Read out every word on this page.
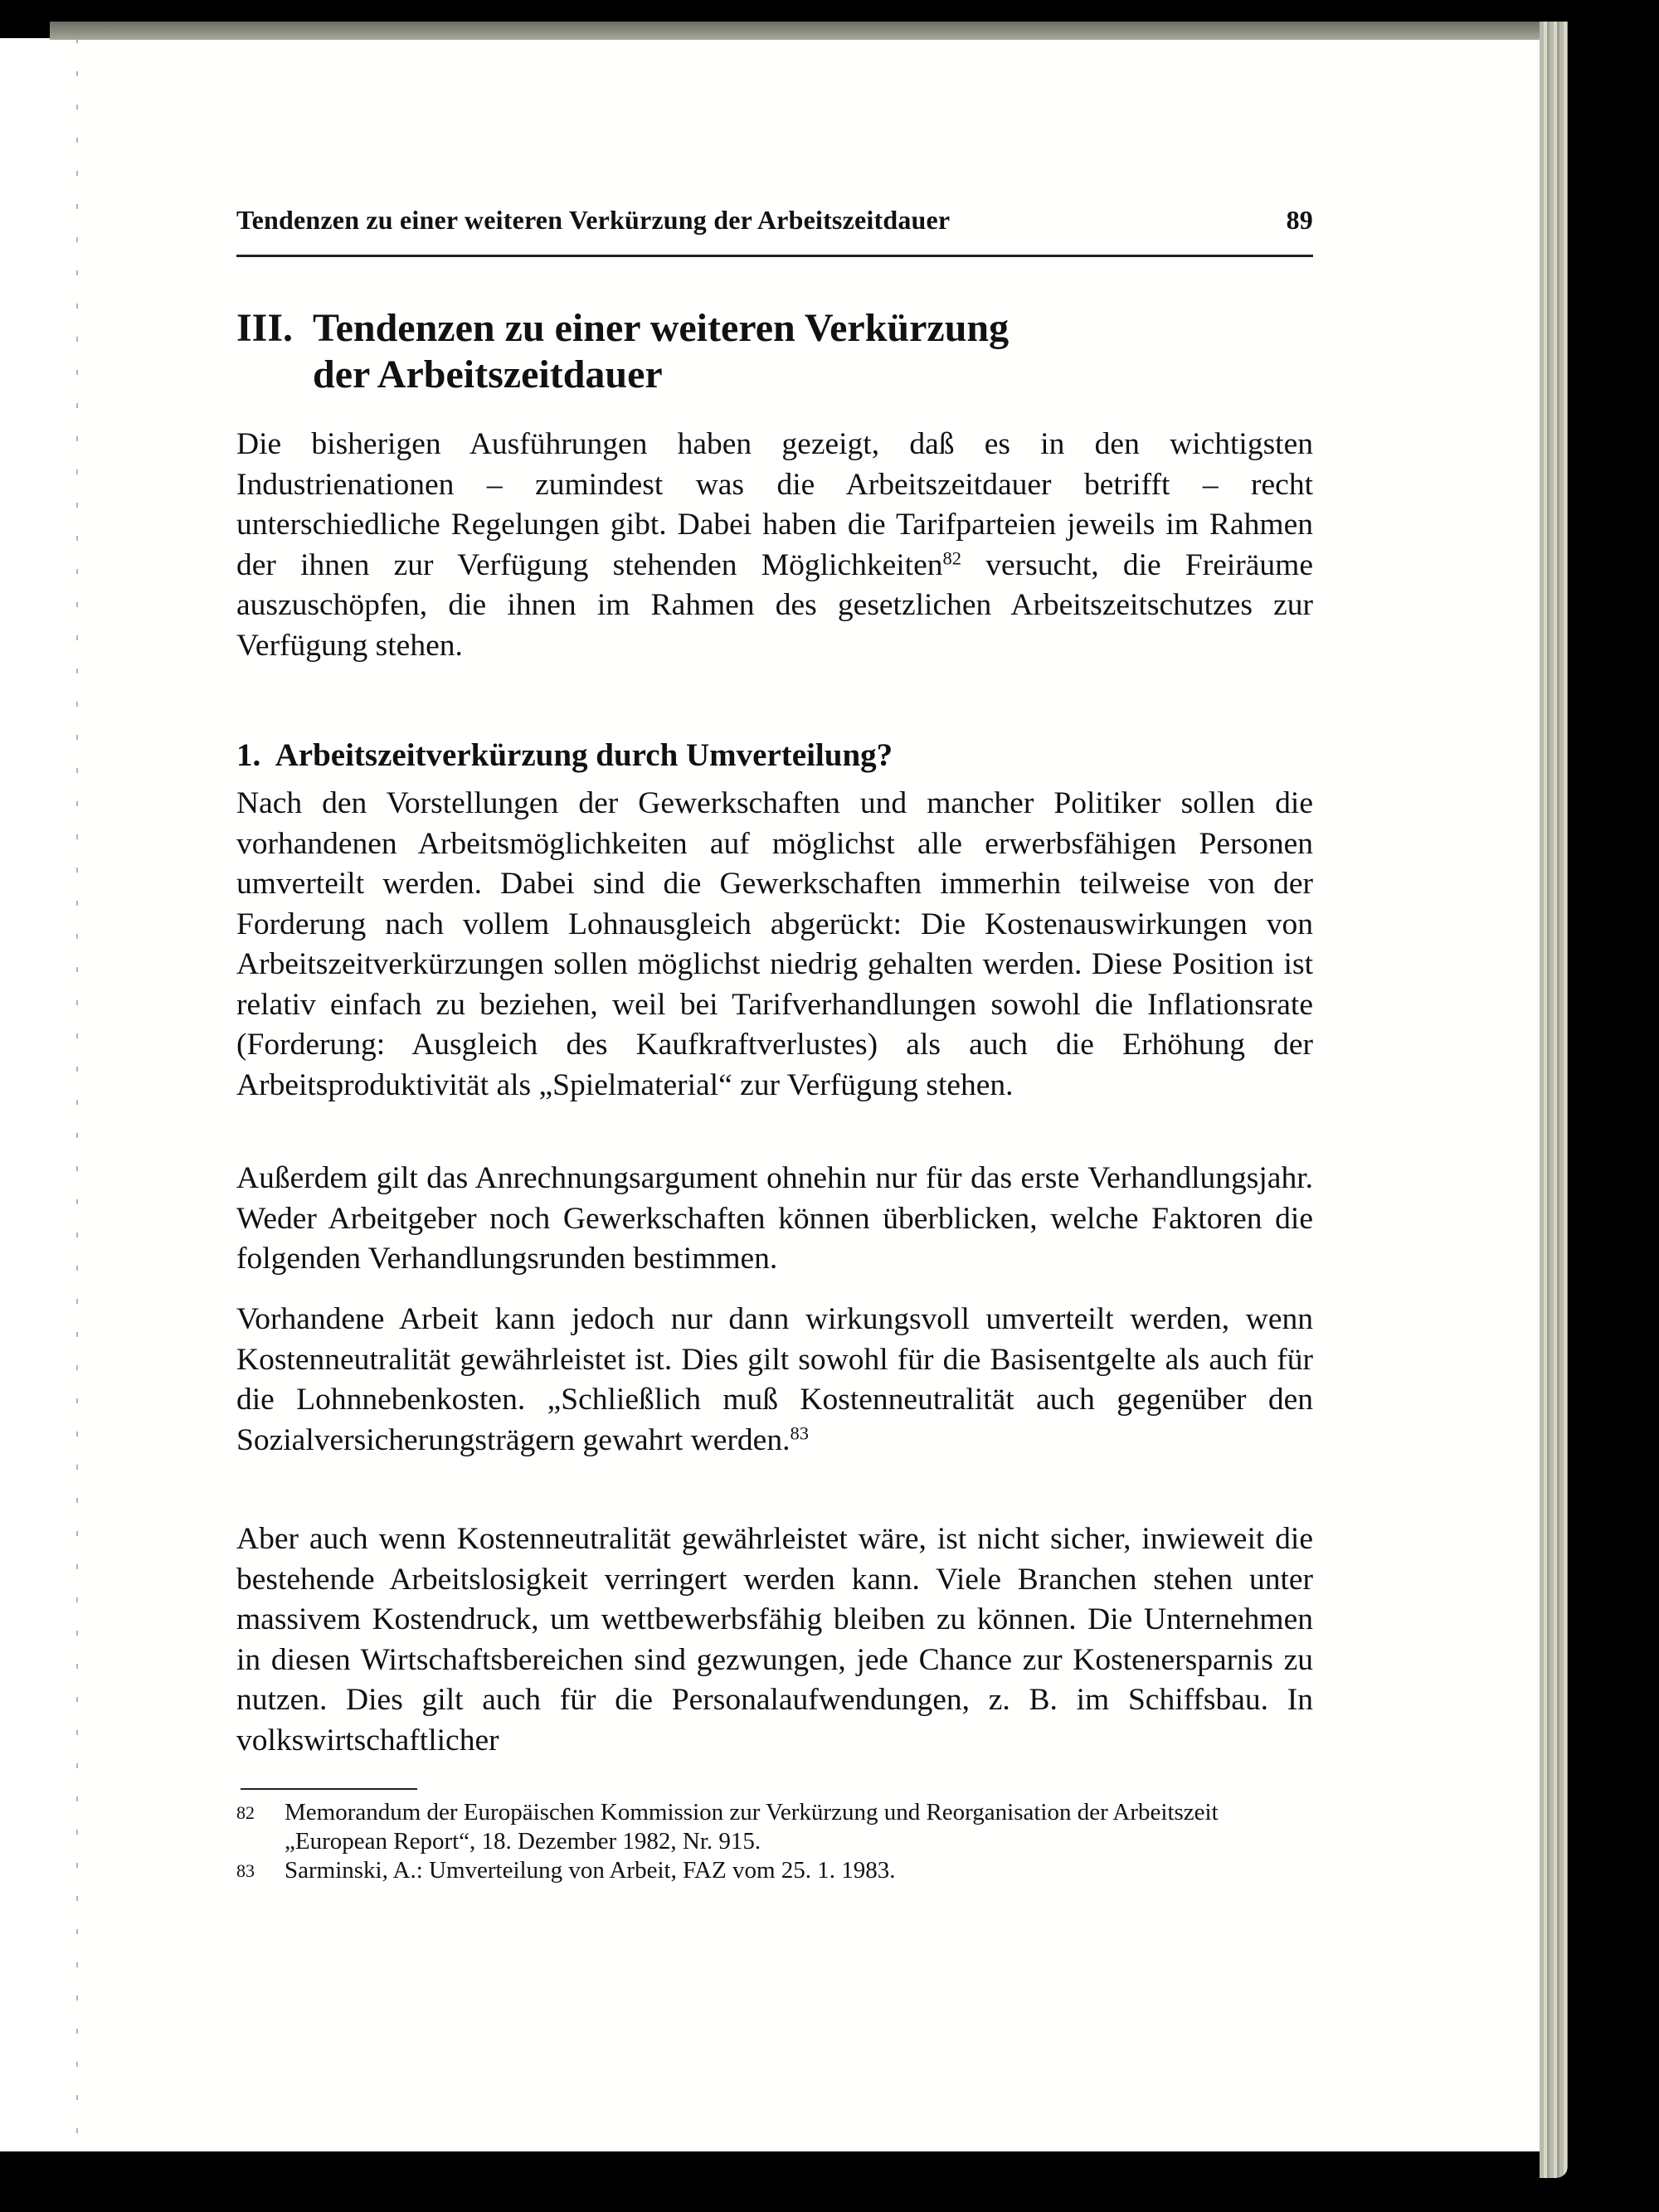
Tendenzen zu einer weiteren Verkürzung der Arbeitszeitdauer	89
III. Tendenzen zu einer weiteren Verkürzung
der Arbeitszeitdauer

Die bisherigen Ausführungen haben gezeigt, daß es in den wichtigsten Industrienationen – zumindest was die Arbeitszeitdauer betrifft – recht unterschiedliche Regelungen gibt. Dabei haben die Tarifparteien jeweils im Rahmen der ihnen zur Verfügung stehenden Möglichkeiten$^{82}$ versucht, die Freiräume auszuschöpfen, die ihnen im Rahmen des gesetzlichen Arbeitszeitschutzes zur Verfügung stehen.

1. Arbeitszeitverkürzung durch Umverteilung?

Nach den Vorstellungen der Gewerkschaften und mancher Politiker sollen die vorhandenen Arbeitsmöglichkeiten auf möglichst alle erwerbsfähigen Personen umverteilt werden. Dabei sind die Gewerkschaften immerhin teilweise von der Forderung nach vollem Lohnausgleich abgerückt: Die Kostenauswirkungen von Arbeitszeitverkürzungen sollen möglichst niedrig gehalten werden. Diese Position ist relativ einfach zu beziehen, weil bei Tarifverhandlungen sowohl die Inflationsrate (Forderung: Ausgleich des Kaufkraftverlustes) als auch die Erhöhung der Arbeitsproduktivität als „Spielmaterial“ zur Verfügung stehen.

Außerdem gilt das Anrechnungsargument ohnehin nur für das erste Verhandlungsjahr. Weder Arbeitgeber noch Gewerkschaften können überblicken, welche Faktoren die folgenden Verhandlungsrunden bestimmen.

Vorhandene Arbeit kann jedoch nur dann wirkungsvoll umverteilt werden, wenn Kostenneutralität gewährleistet ist. Dies gilt sowohl für die Basisentgelte als auch für die Lohnnebenkosten. „Schließlich muß Kostenneutralität auch gegenüber den Sozialversicherungsträgern gewahrt werden.$^{83}$

Aber auch wenn Kostenneutralität gewährleistet wäre, ist nicht sicher, inwieweit die bestehende Arbeitslosigkeit verringert werden kann. Viele Branchen stehen unter massivem Kostendruck, um wettbewerbsfähig bleiben zu können. Die Unternehmen in diesen Wirtschaftsbereichen sind gezwungen, jede Chance zur Kostenersparnis zu nutzen. Dies gilt auch für die Personalaufwendungen, z. B. im Schiffsbau. In volkswirtschaftlicher

82	Memorandum der Europäischen Kommission zur Verkürzung und Reorganisation der Arbeitszeit „European Report“, 18. Dezember 1982, Nr. 915.
83	Sarminski, A.: Umverteilung von Arbeit, FAZ vom 25. 1. 1983.
